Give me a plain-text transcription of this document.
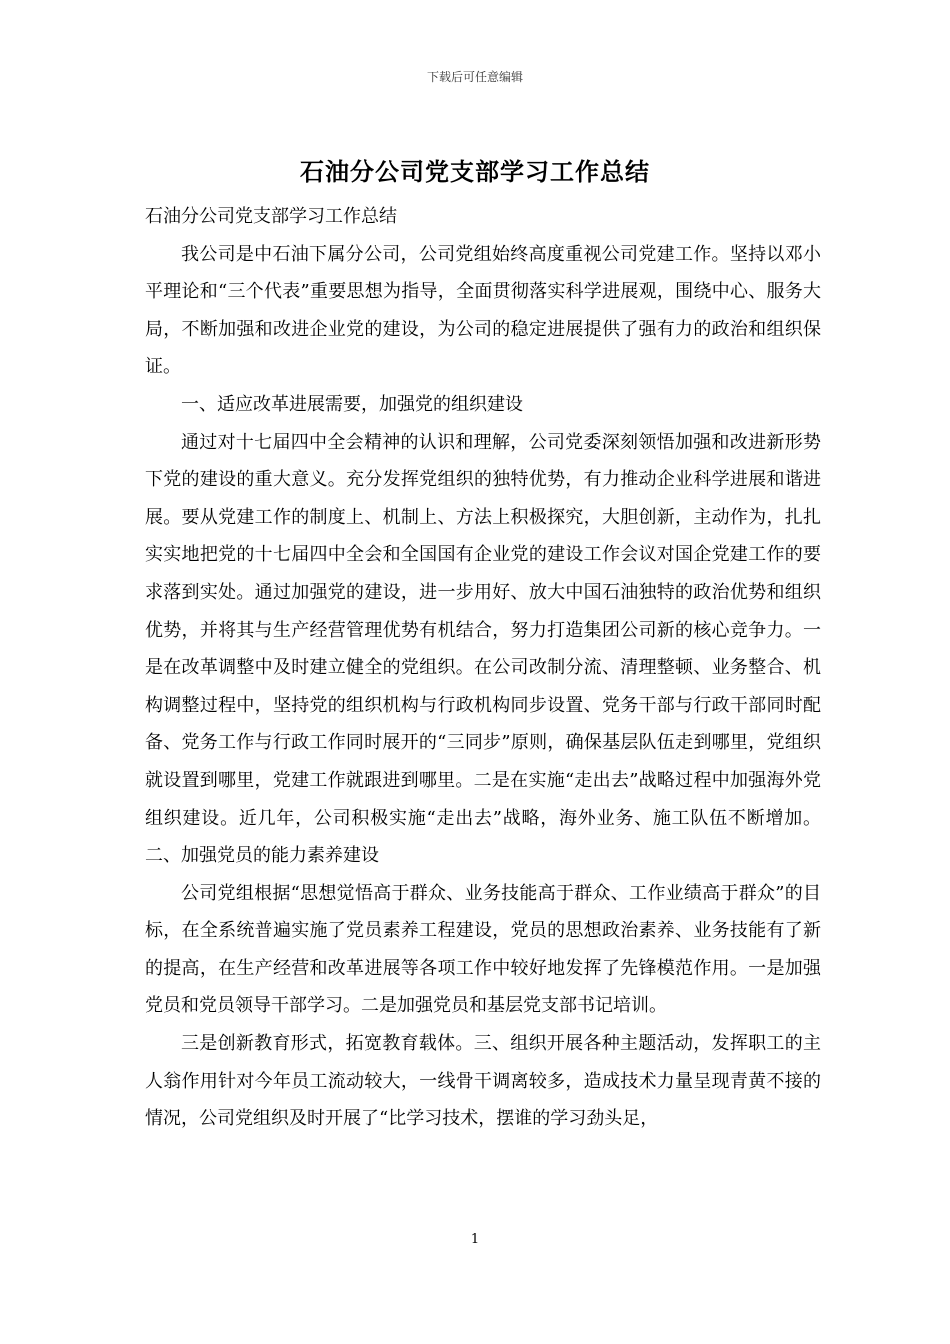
下载后可任意编辑
石油分公司党支部学习工作总结

石油分公司党支部学习工作总结

我公司是中石油下属分公司，公司党组始终高度重视公司党建工作。坚持以邓小平理论和“三个代表”重要思想为指导，全面贯彻落实科学进展观，围绕中心、服务大局，不断加强和改进企业党的建设，为公司的稳定进展提供了强有力的政治和组织保证。

一、适应改革进展需要，加强党的组织建设

通过对十七届四中全会精神的认识和理解，公司党委深刻领悟加强和改进新形势下党的建设的重大意义。充分发挥党组织的独特优势，有力推动企业科学进展和谐进展。要从党建工作的制度上、机制上、方法上积极探究，大胆创新，主动作为，扎扎实实地把党的十七届四中全会和全国国有企业党的建设工作会议对国企党建工作的要求落到实处。通过加强党的建设，进一步用好、放大中国石油独特的政治优势和组织优势，并将其与生产经营管理优势有机结合，努力打造集团公司新的核心竞争力。一是在改革调整中及时建立健全的党组织。在公司改制分流、清理整顿、业务整合、机构调整过程中，坚持党的组织机构与行政机构同步设置、党务干部与行政干部同时配备、党务工作与行政工作同时展开的“三同步”原则，确保基层队伍走到哪里，党组织就设置到哪里，党建工作就跟进到哪里。二是在实施“走出去”战略过程中加强海外党组织建设。近几年，公司积极实施“走出去”战略，海外业务、施工队伍不断增加。二、加强党员的能力素养建设

公司党组根据“思想觉悟高于群众、业务技能高于群众、工作业绩高于群众”的目标，在全系统普遍实施了党员素养工程建设，党员的思想政治素养、业务技能有了新的提高，在生产经营和改革进展等各项工作中较好地发挥了先锋模范作用。一是加强党员和党员领导干部学习。二是加强党员和基层党支部书记培训。

三是创新教育形式，拓宽教育载体。三、组织开展各种主题活动，发挥职工的主人翁作用针对今年员工流动较大，一线骨干调离较多，造成技术力量呈现青黄不接的情况，公司党组织及时开展了“比学习技术，摆谁的学习劲头足，

1
